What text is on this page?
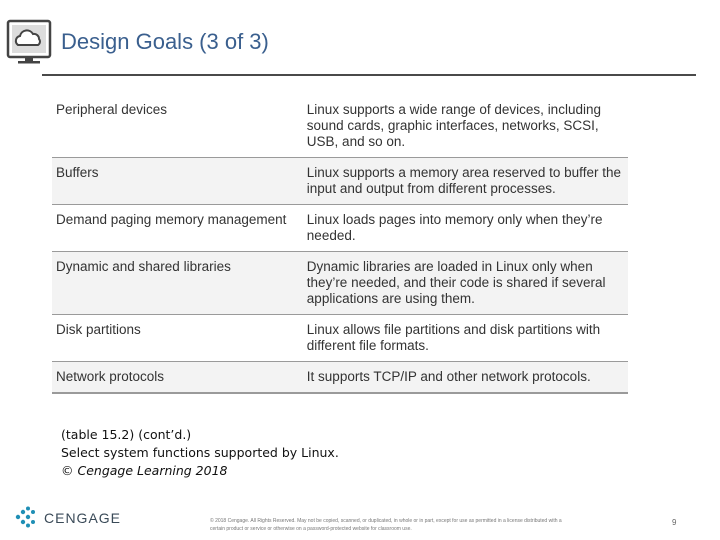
Design Goals (3 of 3)
Peripheral devices	Linux supports a wide range of devices, including sound cards, graphic interfaces, networks, SCSI, USB, and so on.
Buffers	Linux supports a memory area reserved to buffer the input and output from different processes.
Demand paging memory management	Linux loads pages into memory only when they’re needed.
Dynamic and shared libraries	Dynamic libraries are loaded in Linux only when they’re needed, and their code is shared if several applications are using them.
Disk partitions	Linux allows file partitions and disk partitions with different file formats.
Network protocols	It supports TCP/IP and other network protocols.
(table 15.2) (cont’d.)
Select system functions supported by Linux.
© Cengage Learning 2018
CENGAGE	© 2018 Cengage. All Rights Reserved. May not be copied, scanned, or duplicated, in whole or in part, except for use as permitted in a license distributed with a certain product or service or otherwise on a password-protected website for classroom use.
9
